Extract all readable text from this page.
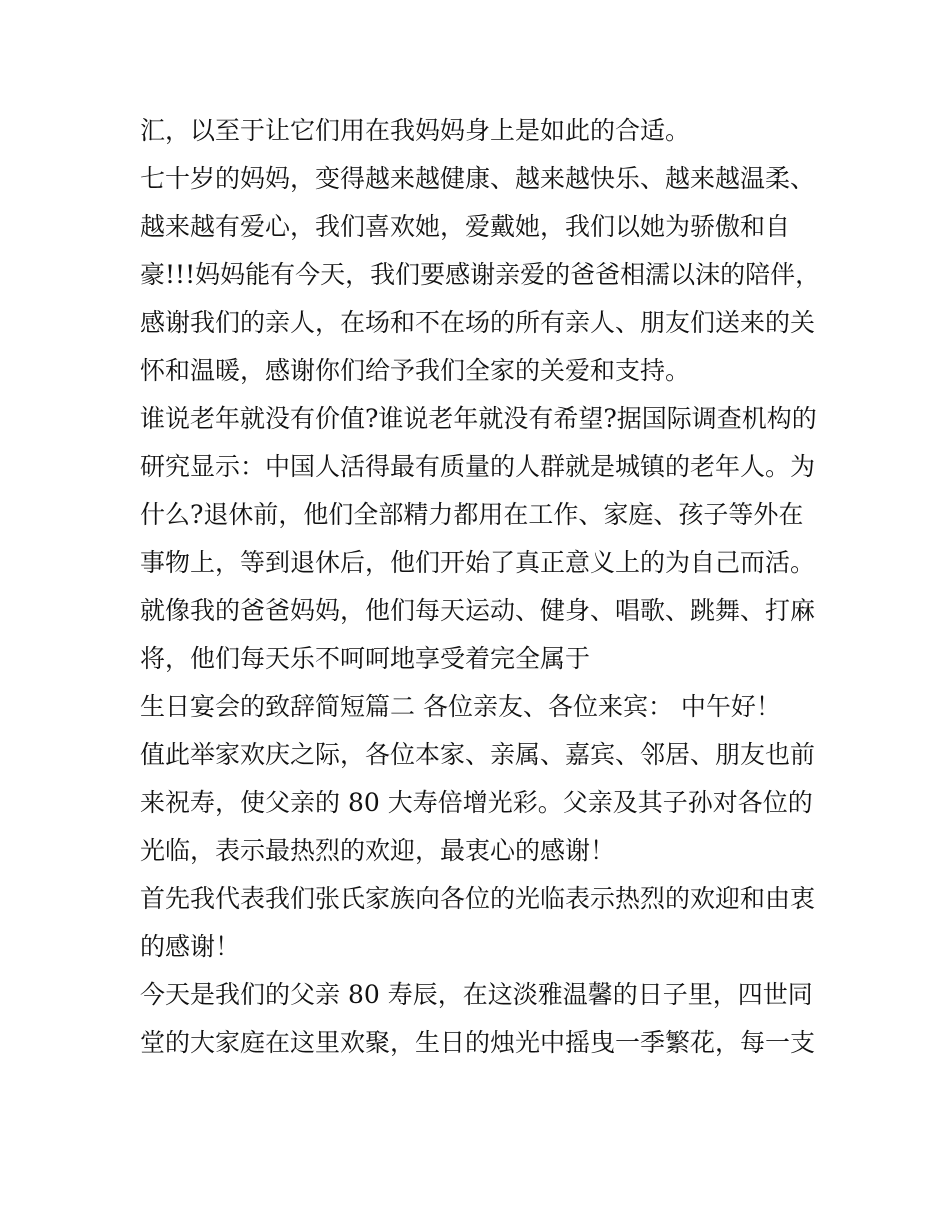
汇，以至于让它们用在我妈妈身上是如此的合适。
七十岁的妈妈，变得越来越健康、越来越快乐、越来越温柔、
越来越有爱心，我们喜欢她，爱戴她，我们以她为骄傲和自
豪!!!妈妈能有今天，我们要感谢亲爱的爸爸相濡以沫的陪伴，
感谢我们的亲人，在场和不在场的所有亲人、朋友们送来的关
怀和温暖，感谢你们给予我们全家的关爱和支持。
谁说老年就没有价值?谁说老年就没有希望?据国际调查机构的
研究显示：中国人活得最有质量的人群就是城镇的老年人。为
什么?退休前，他们全部精力都用在工作、家庭、孩子等外在
事物上，等到退休后，他们开始了真正意义上的为自己而活。
就像我的爸爸妈妈，他们每天运动、健身、唱歌、跳舞、打麻
将，他们每天乐不呵呵地享受着完全属于
生日宴会的致辞简短篇二 各位亲友、各位来宾： 中午好！
值此举家欢庆之际，各位本家、亲属、嘉宾、邻居、朋友也前
来祝寿，使父亲的 80 大寿倍增光彩。父亲及其子孙对各位的
光临，表示最热烈的欢迎，最衷心的感谢！
首先我代表我们张氏家族向各位的光临表示热烈的欢迎和由衷
的感谢！
今天是我们的父亲 80 寿辰，在这淡雅温馨的日子里，四世同
堂的大家庭在这里欢聚，生日的烛光中摇曳一季繁花，每一支
